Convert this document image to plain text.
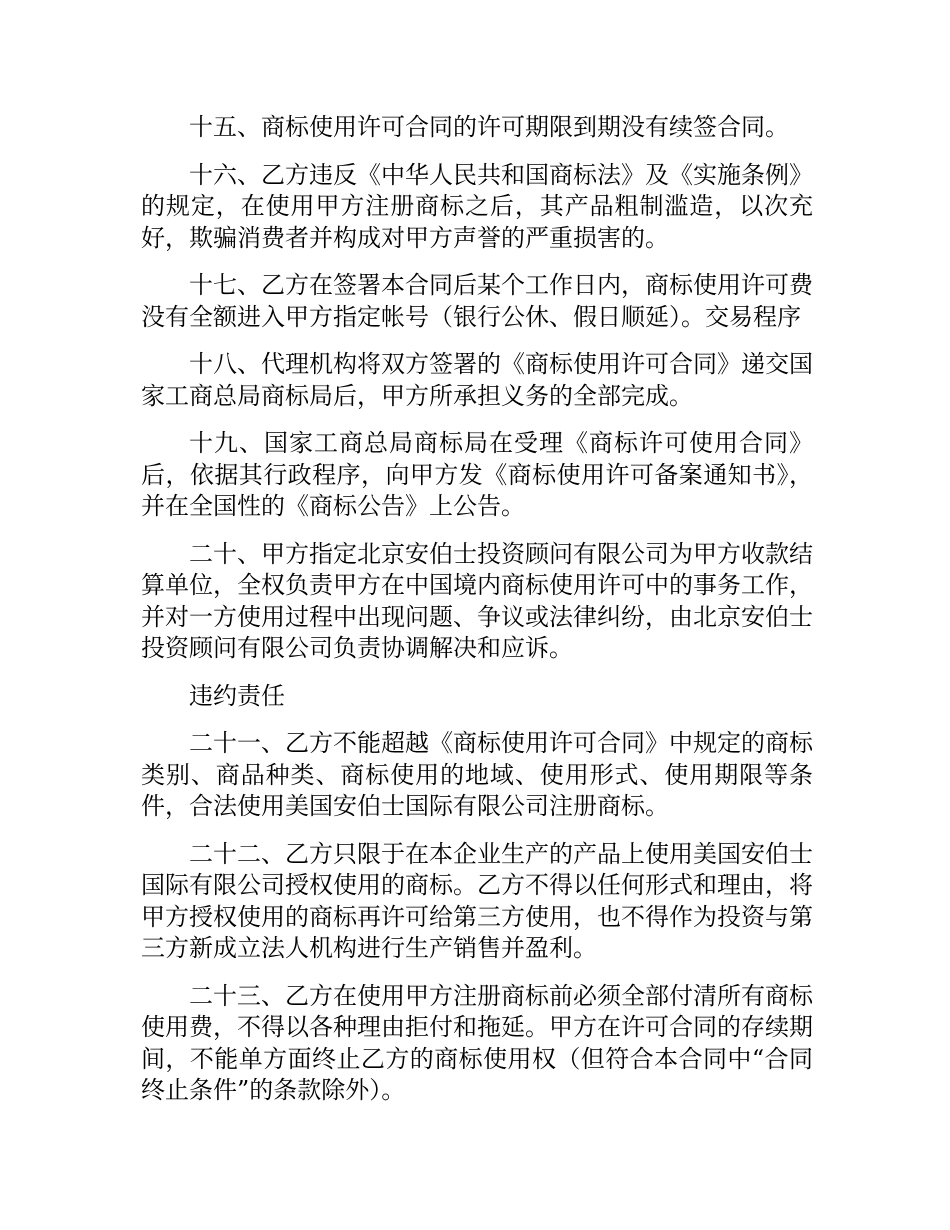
十五、商标使用许可合同的许可期限到期没有续签合同。

十六、乙方违反《中华人民共和国商标法》及《实施条例》的规定，在使用甲方注册商标之后，其产品粗制滥造，以次充好，欺骗消费者并构成对甲方声誉的严重损害的。

十七、乙方在签署本合同后某个工作日内，商标使用许可费没有全额进入甲方指定帐号（银行公休、假日顺延）。交易程序

十八、代理机构将双方签署的《商标使用许可合同》递交国家工商总局商标局后，甲方所承担义务的全部完成。

十九、国家工商总局商标局在受理《商标许可使用合同》后，依据其行政程序，向甲方发《商标使用许可备案通知书》，并在全国性的《商标公告》上公告。

二十、甲方指定北京安伯士投资顾问有限公司为甲方收款结算单位，全权负责甲方在中国境内商标使用许可中的事务工作，并对一方使用过程中出现问题、争议或法律纠纷，由北京安伯士投资顾问有限公司负责协调解决和应诉。

违约责任

二十一、乙方不能超越《商标使用许可合同》中规定的商标类别、商品种类、商标使用的地域、使用形式、使用期限等条件，合法使用美国安伯士国际有限公司注册商标。

二十二、乙方只限于在本企业生产的产品上使用美国安伯士国际有限公司授权使用的商标。乙方不得以任何形式和理由，将甲方授权使用的商标再许可给第三方使用，也不得作为投资与第三方新成立法人机构进行生产销售并盈利。

二十三、乙方在使用甲方注册商标前必须全部付清所有商标使用费，不得以各种理由拒付和拖延。甲方在许可合同的存续期间，不能单方面终止乙方的商标使用权（但符合本合同中“合同终止条件”的条款除外）。
